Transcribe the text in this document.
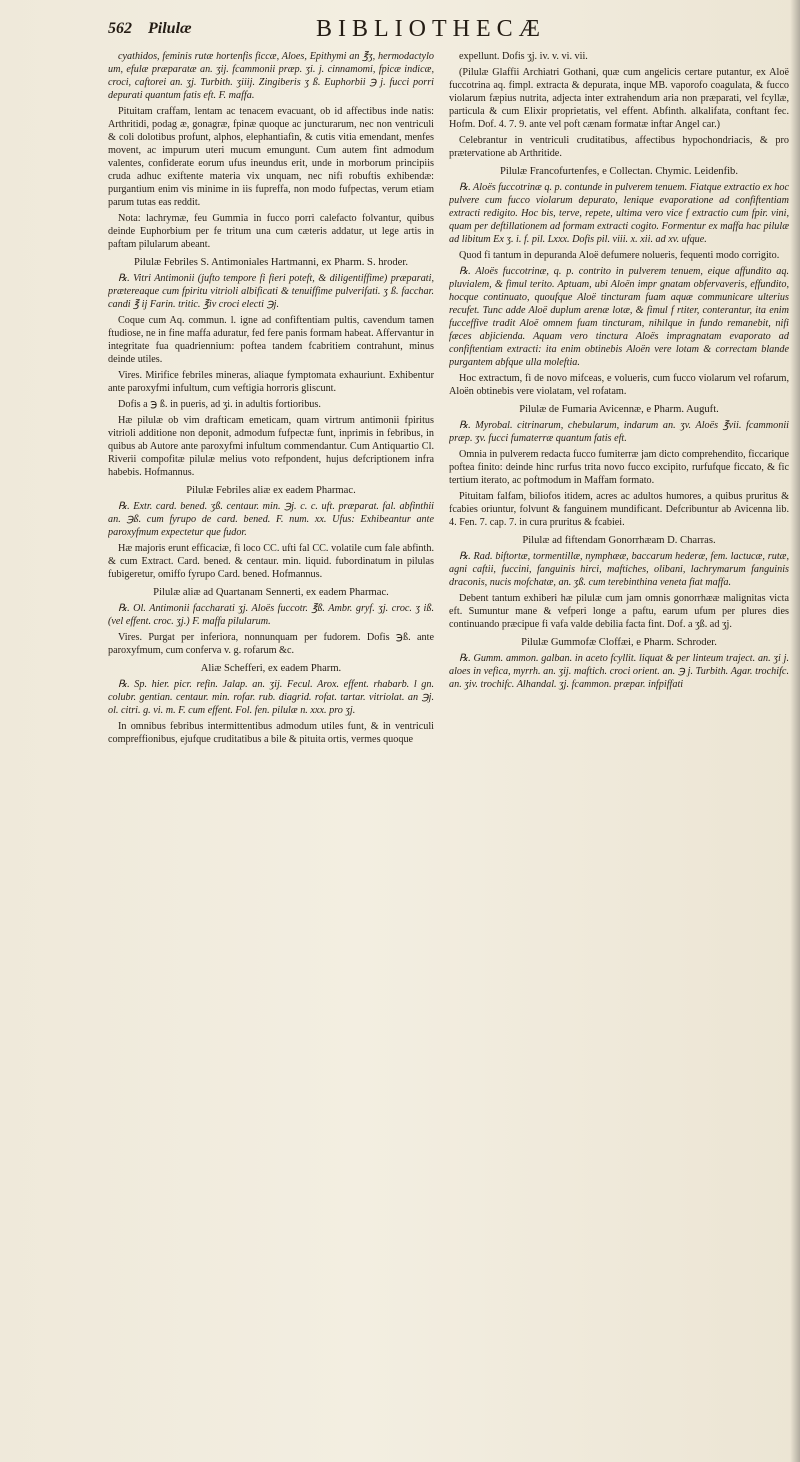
562 Pilulæ	BIBLIOTHECÆ

cyathidos, feminis rutæ hortenfis ficcæ, Aloes, Epithymi an ℥ʒ, hermodactylo um, efulæ præparatæ an. ʒij. fcammonii præp. ʒi. j. cinnamomi, fpicæ indicæ, croci, caftorei an. ʒj. Turbith. ʒiiij. Zingiberis ʒ ß. Euphorbii ℈ j. fucci porri depurati quantum fatis eft. F. maffa.

Pituitam craffam, lentam ac tenacem evacuant, ob id affectibus inde natis: Arthritidi, podag æ, gonagræ, fpinæ quoque ac juncturarum, nec non ventriculi & coli dolotibus profunt, alphos, elephantiafin, & cutis vitia emendant, menfes movent, ac impurum uteri mucum emungunt. Cum autem fint admodum valentes, confiderate eorum ufus ineundus erit, unde in morborum principiis cruda adhuc exiftente materia vix unquam, nec nifi robuftis exhibendæ: purgantium enim vis minime in iis fupreffa, non modo fufpectas, verum etiam parum tutas eas reddit.

Nota: lachrymæ, feu Gummia in fucco porri calefacto folvantur, quibus deinde Euphorbium per fe tritum una cum cæteris addatur, ut lege artis in paftam pilularum abeant.

Pilulæ Febriles S. Antimoniales Hartmanni, ex Pharm. S. hroder.

℞. Vitri Antimonii (jufto tempore fi fieri poteft, & diligentiffime) præparati, prætereaque cum fpiritu vitrioli albificati & tenuiffime pulverifati. ʒ ß. facchar. candi ℥ ij Farin. tritic. ℥iv croci electi ℈j.

Coque cum Aq. commun. l. igne ad confiftentiam pultis, cavendum tamen ftudiose, ne in fine maffa aduratur, fed fere panis formam habeat. Affervantur in integritate fua quadriennium: poftea tandem fcabritiem contrahunt, minus deinde utiles.

Vires. Mirifice febriles mineras, aliaque fymptomata exhauriunt. Exhibentur ante paroxyfmi infultum, cum veftigia horroris gliscunt.

Dofis a ℈ ß. in pueris, ad ʒi. in adultis fortioribus.

Hæ pilulæ ob vim drafticam emeticam, quam virtrum antimonii fpiritus vitrioli additione non deponit, admodum fufpectæ funt, inprimis in febribus, in quibus ab Autore ante paroxyfmi infultum commendantur. Cum Antiquartio Cl. Riverii compofitæ pilulæ melius voto refpondent, hujus defcriptionem infra habebis. Hofmannus.

Pilulæ Febriles aliæ ex eadem Pharmac.

℞. Extr. card. bened. ʒß. centaur. min. ℈j. c. c. uft. præparat. fal. abfinthii an. ℈ß. cum fyrupo de card. bened. F. num. xx. Ufus: Exhibeantur ante paroxyfmum expectetur que fudor.

Hæ majoris erunt efficaciæ, fi loco CC. ufti fal CC. volatile cum fale abfinth. & cum Extract. Card. bened. & centaur. min. liquid. fubordinatum in pilulas fubigeretur, omiffo fyrupo Card. bened. Hofmannus.

Pilulæ aliæ ad Quartanam Sennerti, ex eadem Pharmac.

℞. Ol. Antimonii faccharati ʒj. Aloës fuccotr. ℥ß. Ambr. gryf. ʒj. croc. ʒ iß. (vel effent. croc. ʒj.) F. maffa pilularum.

Vires. Purgat per inferiora, nonnunquam per fudorem. Dofis ℈ß. ante paroxyfmum, cum conferva v. g. rofarum &c.

Aliæ Schefferi, ex eadem Pharm.

℞. Sp. hier. picr. refin. Jalap. an. ʒij. Fecul. Arox. effent. rhabarb. l gn. colubr. gentian. centaur. min. rofar. rub. diagrid. rofat. tartar. vitriolat. an ℈j. ol. citri. g. vi. m. F. cum effent. Fol. fen. pilulæ n. xxx. pro ʒj.

In omnibus febribus intermittentibus admodum utiles funt, & in ventriculi compreffionibus, ejufque cruditatibus a bile & pituita ortis, vermes quoque

expellunt. Dofis ʒj. iv. v. vi. vii.

(Pilulæ Glaffii Archiatri Gothani, quæ cum angelicis certare putantur, ex Aloë fuccotrina aq. fimpl. extracta & depurata, inque MB. vaporofo coagulata, & fucco violarum fæpius nutrita, adjecta inter extrahendum aria non præparati, vel fcyllæ, particula & cum Elixir proprietatis, vel effent. Abfinth. alkalifata, conftant fec. Hofm. Dof. 4. 7. 9. ante vel poft cænam formatæ inftar Angel car.)

Celebrantur in ventriculi cruditatibus, affectibus hypochondriacis, & pro prætervatione ab Arthritide.

Pilulæ Francofurtenfes, e Collectan. Chymic. Leidenfib.

℞. Aloës fuccotrinæ q. p. contunde in pulverem tenuem. Fiatque extractio ex hoc pulvere cum fucco violarum depurato, lenique evaporatione ad confiftentiam extracti redigito. Hoc bis, terve, repete, ultima vero vice f extractio cum fpir. vini, quam per deftillationem ad formam extracti cogito. Formentur ex maffa hac pilulæ ad libitum Ex ʒ. i. f. pil. Lxxx. Dofis pil. viii. x. xii. ad xv. ufque.

Quod fi tantum in depuranda Aloë defumere nolueris, fequenti modo corrigito.

℞. Aloës fuccotrinæ, q. p. contrito in pulverem tenuem, eique affundito aq. pluvialem, & fimul terito. Aptuam, ubi Aloën impr gnatam obfervaveris, effundito, hocque continuato, quoufque Aloë tincturam fuam aquæ communicare ulterius recufet. Tunc adde Aloë duplum arenæ lotæ, & fimul f rtiter, conterantur, ita enim fucceffive tradit Aloë omnem fuam tincturam, nihilque in fundo remanebit, nifi fæces abjicienda. Aquam vero tinctura Aloës impragnatam evaporato ad confiftentiam extracti: ita enim obtinebis Aloën vere lotam & correctam blande purgantem abfque ulla moleftia.

Hoc extractum, fi de novo mifceas, e volueris, cum fucco violarum vel rofarum, Aloën obtinebis vere violatam, vel rofatam.

Pilulæ de Fumaria Avicennæ, e Pharm. Auguft.

℞. Myrobal. citrinarum, chebularum, indarum an. ʒv. Aloës ℥vii. fcammonii præp. ʒv. fucci fumaterræ quantum fatis eft.

Omnia in pulverem redacta fucco fumiterræ jam dicto comprehendito, ficcarique poftea finito: deinde hinc rurfus trita novo fucco excipito, rurfufque ficcato, & fic tertium iterato, ac poftmodum in Maffam formato.

Pituitam falfam, biliofos itidem, acres ac adultos humores, a quibus pruritus & fcabies oriuntur, folvunt & fanguinem mundificant. Defcribuntur ab Avicenna lib. 4. Fen. 7. cap. 7. in cura pruritus & fcabiei.

Pilulæ ad fiftendam Gonorrhæam D. Charras.

℞. Rad. biftortæ, tormentillæ, nymphææ, baccarum hederæ, fem. lactucæ, rutæ, agni caftii, fuccini, fanguinis hirci, maftiches, olibani, lachrymarum fanguinis draconis, nucis mofchatæ, an. ʒß. cum terebinthina veneta fiat maffa.

Debent tantum exhiberi hæ pilulæ cum jam omnis gonorrhææ malignitas victa eft. Sumuntur mane & vefperi longe a paftu, earum ufum per plures dies continuando præcipue fi vafa valde debilia facta fint. Dof. a ʒß. ad ʒj.

Pilulæ Gummofæ Cloffæi, e Pharm. Schroder.

℞. Gumm. ammon. galban. in aceto fcyllit. liquat & per linteum traject. an. ʒi j. aloes in vefica, myrrh. an. ʒij. maftich. croci orient. an. ℈ j. Turbith. Agar. trochifc. an. ʒiv. trochifc. Alhandal. ʒj. fcammon. præpar. infpiffati
